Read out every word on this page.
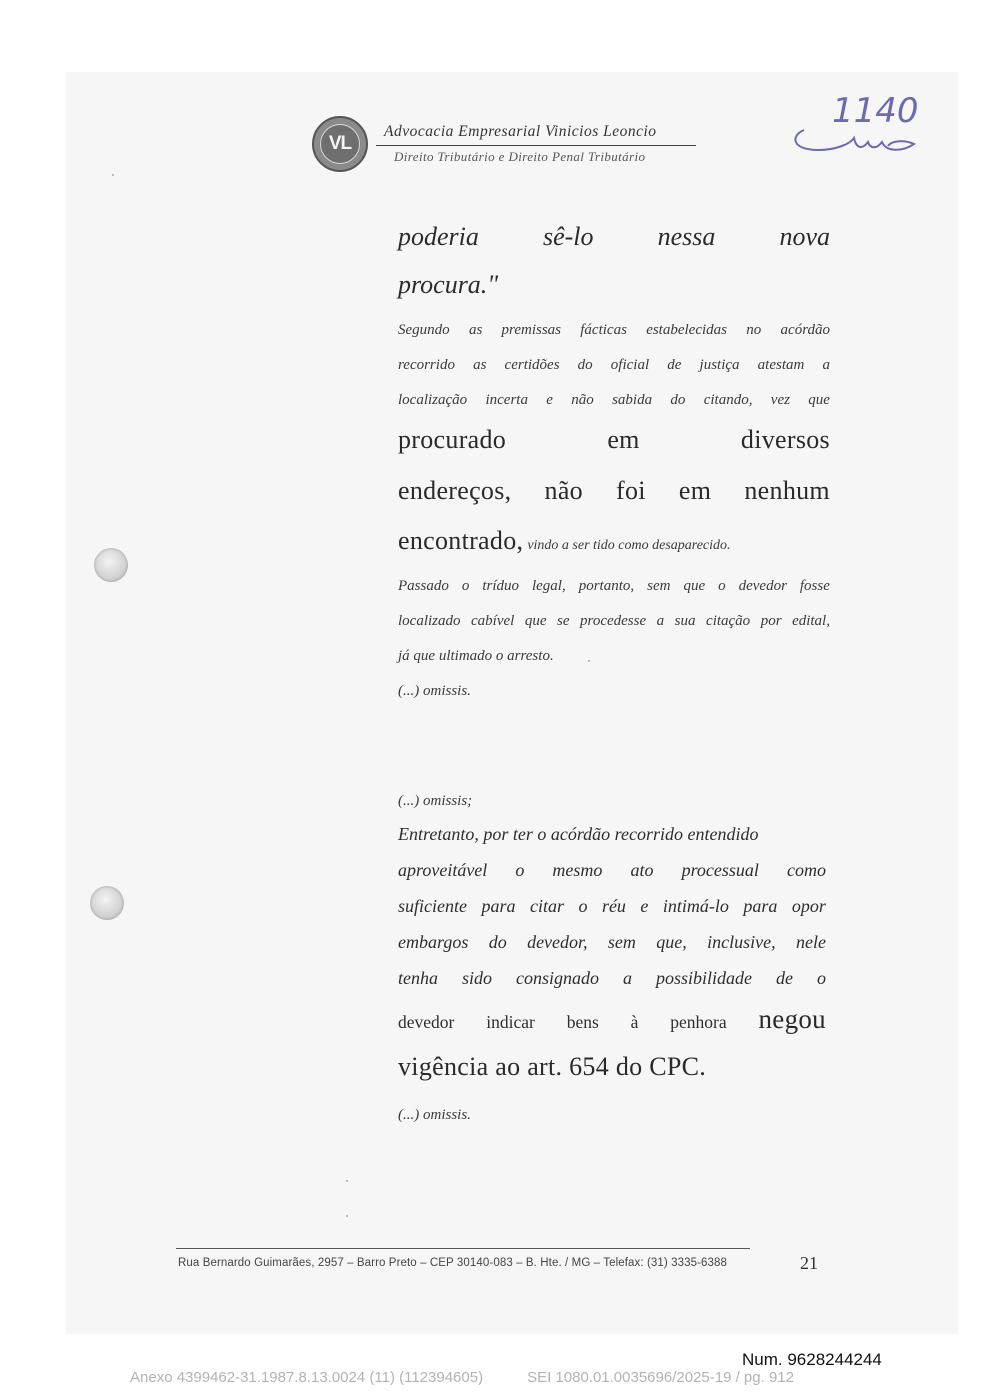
VL
Advocacia Empresarial Vinicios Leoncio
Direito Tributário e Direito Penal Tributário
1140
poderia sê-lo nessa nova
procura."
Segundo as premissas fácticas estabelecidas no acórdão
recorrido as certidões do oficial de justiça atestam a
localização incerta e não sabida do citando, vez que
procurado	em	diversos
endereços, não foi em nenhum
encontrado, vindo a ser tido como desaparecido.
Passado o tríduo legal, portanto, sem que o devedor fosse
localizado cabível que se procedesse a sua citação por edital,
já que ultimado o arresto.
(...) omissis.
(...) omissis;
Entretanto, por ter o acórdão recorrido entendido
aproveitável o mesmo ato processual como
suficiente para citar o réu e intimá-lo para opor
embargos do devedor, sem que, inclusive, nele
tenha sido consignado a possibilidade de o
devedor indicar bens à penhora negou
vigência ao art. 654 do CPC.
(...) omissis.
Rua Bernardo Guimarães, 2957 – Barro Preto – CEP 30140-083 – B. Hte. / MG – Telefax: (31) 3335-6388	21
Num. 9628244244
Anexo 4399462-31.1987.8.13.0024 (11) (112394605)	SEI 1080.01.0035696/2025-19 / pg. 912
